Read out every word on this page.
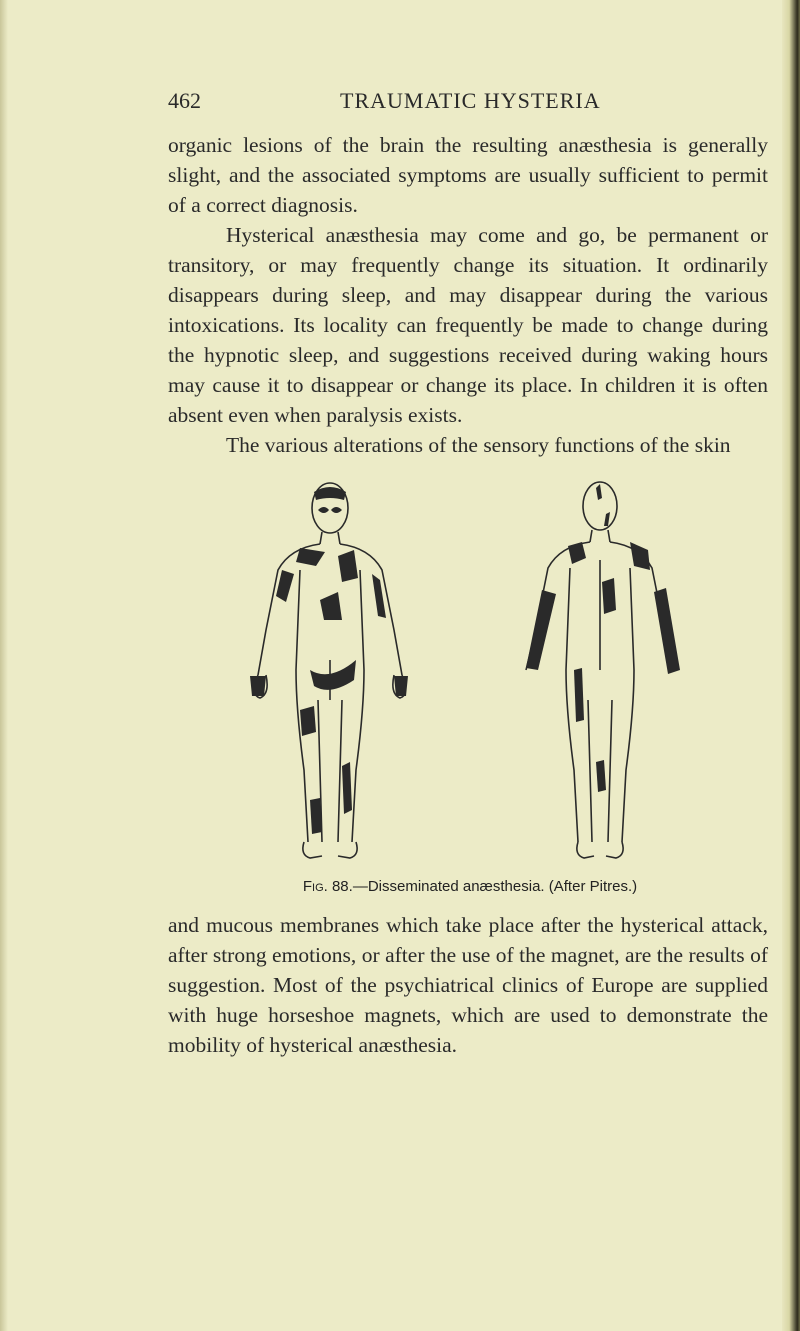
462	TRAUMATIC HYSTERIA

organic lesions of the brain the resulting anæsthesia is generally slight, and the associated symptoms are usually sufficient to permit of a correct diagnosis.

Hysterical anæsthesia may come and go, be permanent or transitory, or may frequently change its situation. It ordinarily disappears during sleep, and may disappear during the various intoxications. Its locality can frequently be made to change during the hypnotic sleep, and suggestions received during waking hours may cause it to disappear or change its place. In children it is often absent even when paralysis exists.

The various alterations of the sensory functions of the skin

Fig. 88.—Disseminated anæsthesia. (After Pitres.)

and mucous membranes which take place after the hysterical attack, after strong emotions, or after the use of the magnet, are the results of suggestion. Most of the psychiatrical clinics of Europe are supplied with huge horseshoe magnets, which are used to demonstrate the mobility of hysterical anæsthesia.
